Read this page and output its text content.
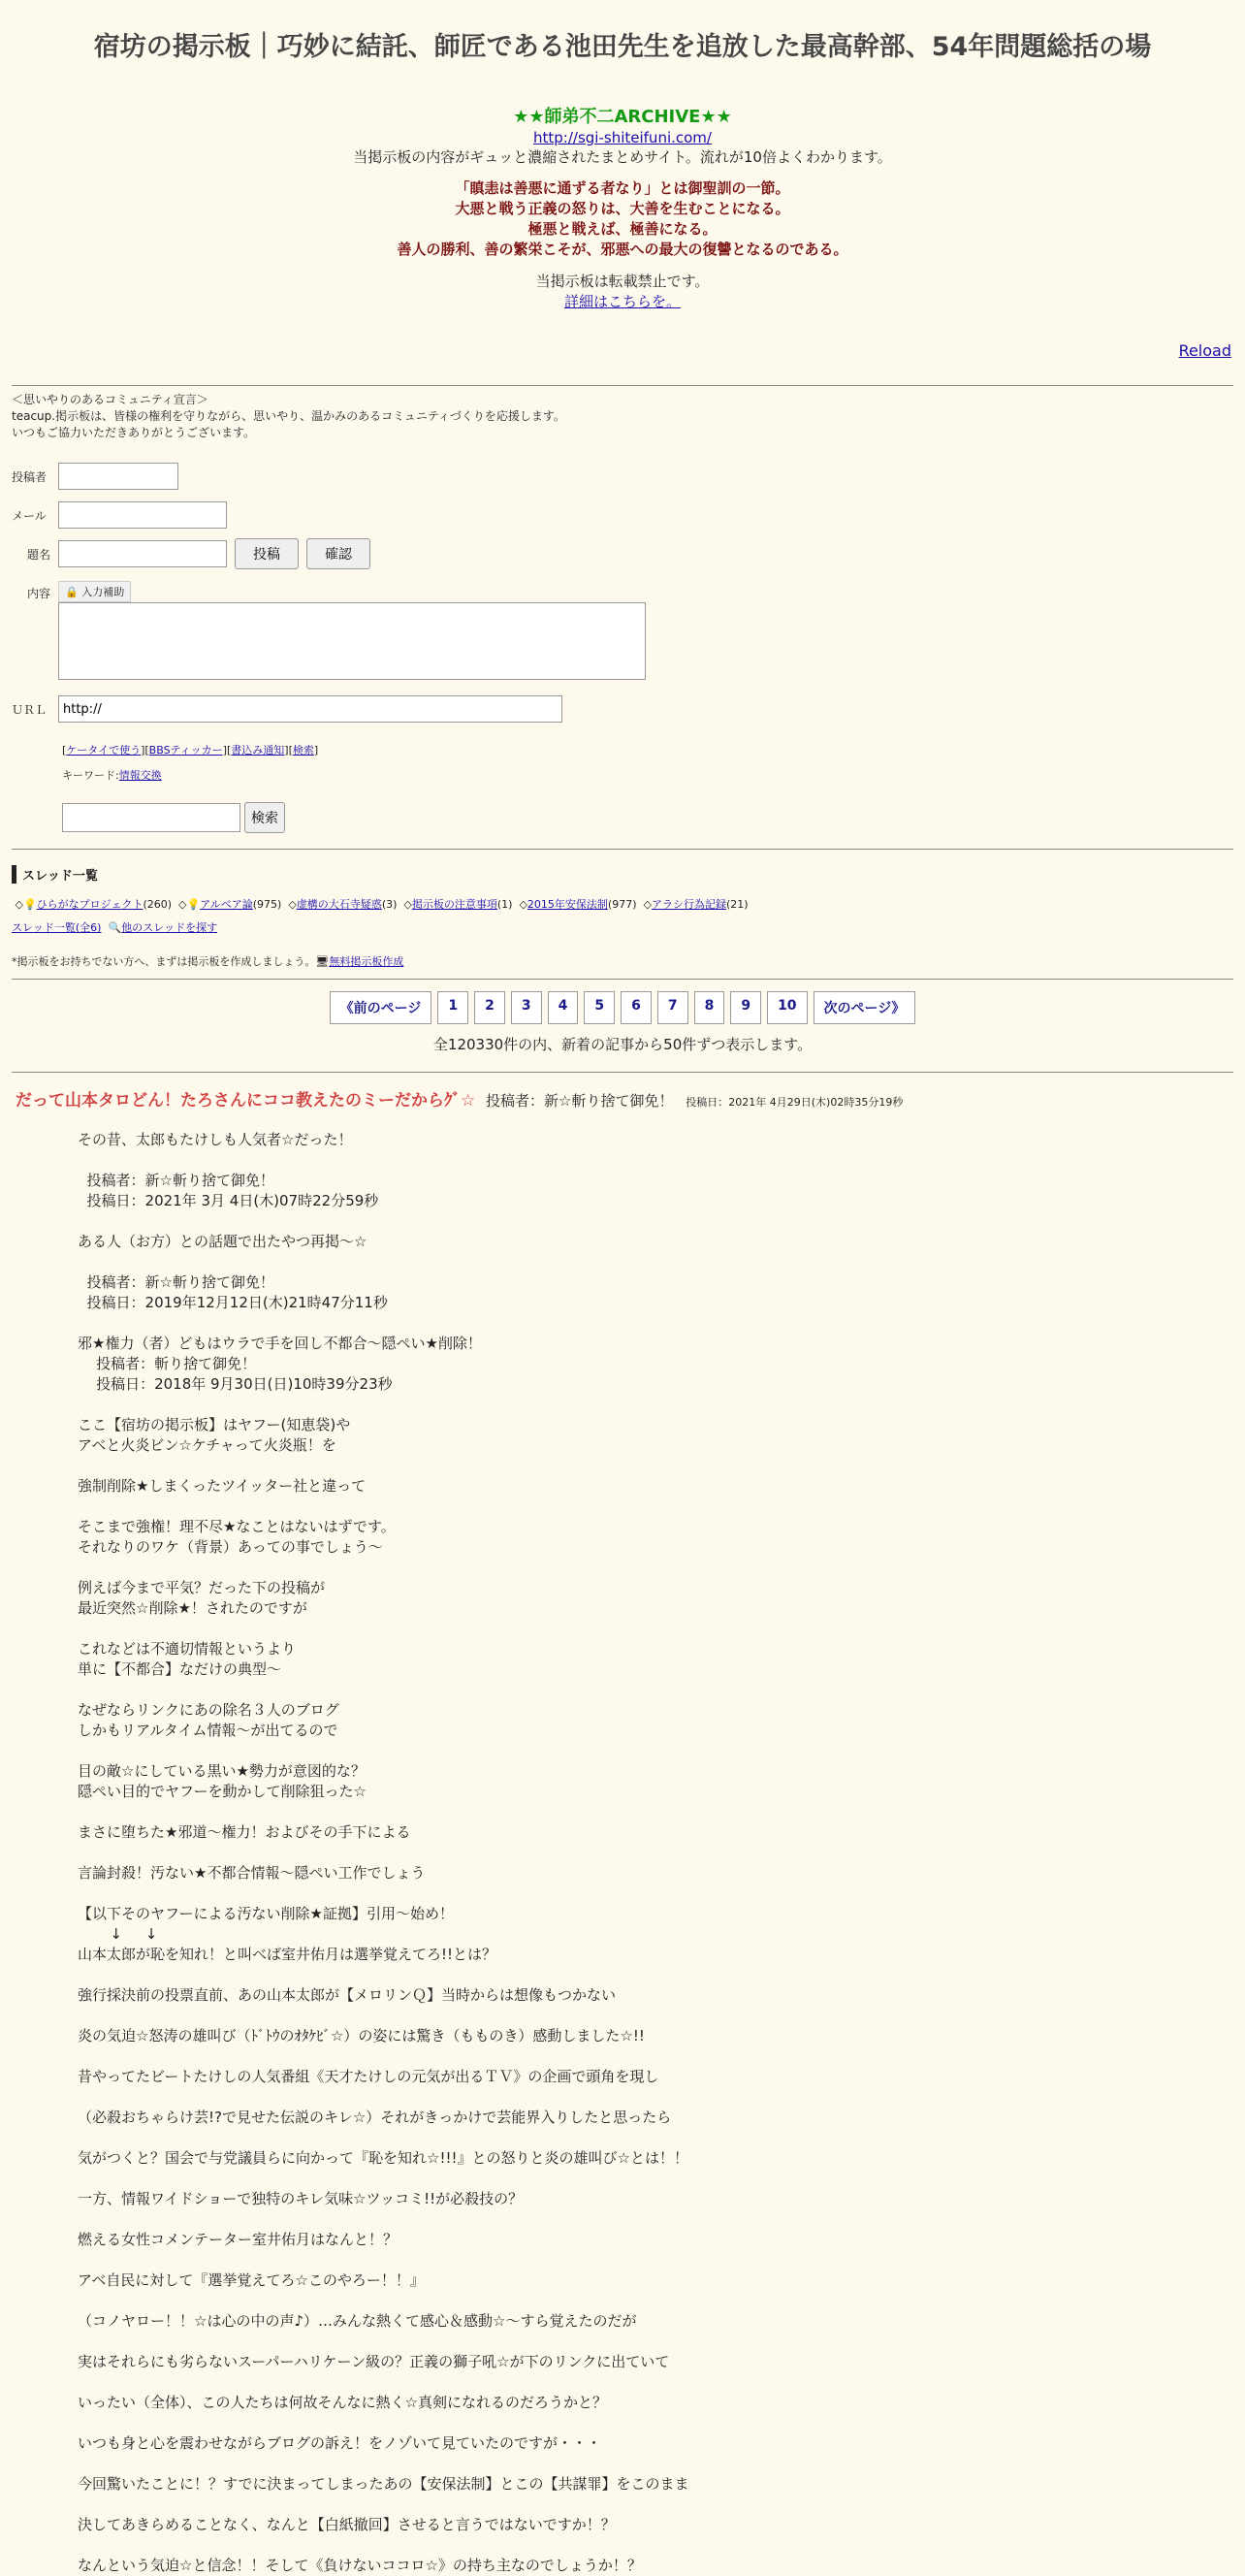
宿坊の掲示板｜巧妙に結託、師匠である池田先生を追放した最高幹部、54年問題総括の場
★★師弟不二ARCHIVE★★
http://sgi-shiteifuni.com/
当掲示板の内容がギュッと濃縮されたまとめサイト。流れが10倍よくわかります。
「瞋恚は善悪に通ずる者なり」とは御聖訓の一節。
大悪と戦う正義の怒りは、大善を生むことになる。
極悪と戦えば、極善になる。
善人の勝利、善の繁栄こそが、邪悪への最大の復讐となるのである。
当掲示板は転載禁止です。
詳細はこちらを。
Reload
＜思いやりのあるコミュニティ宣言＞
teacup.掲示板は、皆様の権利を守りながら、思いやり、温かみのあるコミュニティづくりを応援します。
いつもご協力いただきありがとうございます。
投稿者
メール
題名	投稿	確認
内容	🔒 入力補助
ＵＲＬ
http://
[ケータイで使う][BBSティッカー][書込み通知][検索]
キーワード:情報交換
検索
スレッド一覧
◇💡ひらがなプロジェクト(260)  ◇💡アルベア論(975)  ◇虚構の大石寺疑惑(3)  ◇掲示板の注意事項(1)  ◇2015年安保法制(977)  ◇アラシ行為記録(21)
スレッド一覧(全6) 🔍他のスレッドを探す
*掲示板をお持ちでない方へ、まずは掲示板を作成しましょう。🖥無料掲示板作成
《前のページ	1	2	3	4	5	6	7	8	9	10	次のページ》
全120330件の内、新着の記事から50件ずつ表示します。
だって山本タロどん！たろさんにココ教えたのミーだからｸﾞ☆ 投稿者：新☆斬り捨て御免！ 投稿日：2021年 4月29日(木)02時35分19秒
その昔、太郎もたけしも人気者☆だった！

投稿者：新☆斬り捨て御免！
投稿日：2021年 3月 4日(木)07時22分59秒

ある人（お方）との話題で出たやつ再掲～☆

投稿者：新☆斬り捨て御免！
投稿日：2019年12月12日(木)21時47分11秒

邪★権力（者）どもはウラで手を回し不都合～隠ぺい★削除！
投稿者：斬り捨て御免！
投稿日：2018年 9月30日(日)10時39分23秒

ここ【宿坊の掲示板】はヤフー(知恵袋)や
アベと火炎ビン☆ケチャって火炎瓶！を

強制削除★しまくったツイッター社と違って

そこまで強権！理不尽★なことはないはずです。
それなりのワケ（背景）あっての事でしょう～

例えば今まで平気？だった下の投稿が
最近突然☆削除★！されたのですが

これなどは不適切情報というより
単に【不都合】なだけの典型～

なぜならリンクにあの除名３人のブログ
しかもリアルタイム情報～が出てるので

目の敵☆にしている黒い★勢力が意図的な？
隠ぺい目的でヤフーを動かして削除狙った☆

まさに堕ちた★邪道～権力！およびその手下による

言論封殺！汚ない★不都合情報～隠ぺい工作でしょう

【以下そのヤフーによる汚ない削除★証拠】引用～始め！
↓     ↓
山本太郎が恥を知れ！と叫べば室井佑月は選挙覚えてろ!!とは？

強行採決前の投票直前、あの山本太郎が【メロリンＱ】当時からは想像もつかない

炎の気迫☆怒涛の雄叫び（ﾄﾞﾄｳのｵﾀｹﾋﾞ☆）の姿には驚き（もものき）感動しました☆!!

昔やってたビートたけしの人気番組《天才たけしの元気が出るＴＶ》の企画で頭角を現し

（必殺おちゃらけ芸!?で見せた伝説のキレ☆）それがきっかけで芸能界入りしたと思ったら

気がつくと？国会で与党議員らに向かって『恥を知れ☆!!!』との怒りと炎の雄叫び☆とは！！

一方、情報ワイドショーで独特のキレ気味☆ツッコミ!!が必殺技の？

燃える女性コメンテーター室井佑月はなんと！？

アベ自民に対して『選挙覚えてろ☆このやろー！！』

（コノヤロー！！☆は心の中の声♪）…みんな熱くて感心＆感動☆～すら覚えたのだが

実はそれらにも劣らないスーパーハリケーン級の？正義の獅子吼☆が下のリンクに出ていて

いったい（全体）、この人たちは何故そんなに熱く☆真剣になれるのだろうかと？

いつも身と心を震わせながらブログの訴え！をノゾいて見ていたのですが・・・

今回驚いたことに！？すでに決まってしまったあの【安保法制】とこの【共謀罪】をこのまま

決してあきらめることなく、なんと【白紙撤回】させると言うではないですか！？

なんという気迫☆と信念！！そして《負けないココロ☆》の持ち主なのでしょうか！？
